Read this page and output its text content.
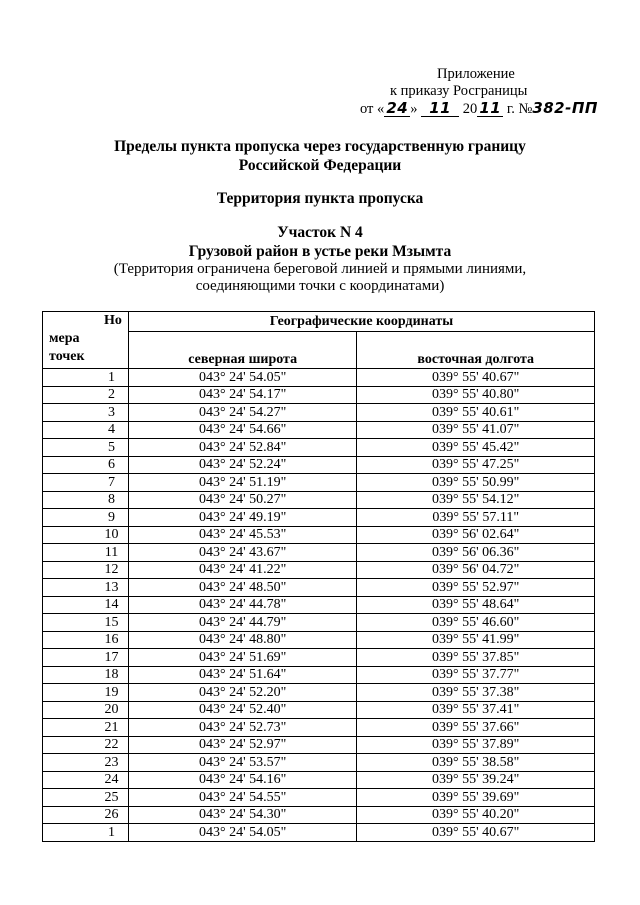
Приложение
к приказу Росграницы
от « 24 » 11 20 11 г. №382-ПП
Пределы пункта пропуска через государственную границу
Российской Федерации
Территория пункта пропуска
Участок N 4
Грузовой район в устье реки Мзымта
(Территория ограничена береговой линией и прямыми линиями,
соединяющими точки с координатами)
Но
мера
точек	Географические координаты	
	северная широта	восточная долгота
1	043° 24' 54.05"	039° 55' 40.67"
2	043° 24' 54.17"	039° 55' 40.80"
3	043° 24' 54.27"	039° 55' 40.61"
4	043° 24' 54.66"	039° 55' 41.07"
5	043° 24' 52.84"	039° 55' 45.42"
6	043° 24' 52.24"	039° 55' 47.25"
7	043° 24' 51.19"	039° 55' 50.99"
8	043° 24' 50.27"	039° 55' 54.12"
9	043° 24' 49.19"	039° 55' 57.11"
10	043° 24' 45.53"	039° 56' 02.64"
11	043° 24' 43.67"	039° 56' 06.36"
12	043° 24' 41.22"	039° 56' 04.72"
13	043° 24' 48.50"	039° 55' 52.97"
14	043° 24' 44.78"	039° 55' 48.64"
15	043° 24' 44.79"	039° 55' 46.60"
16	043° 24' 48.80"	039° 55' 41.99"
17	043° 24' 51.69"	039° 55' 37.85"
18	043° 24' 51.64"	039° 55' 37.77"
19	043° 24' 52.20"	039° 55' 37.38"
20	043° 24' 52.40"	039° 55' 37.41"
21	043° 24' 52.73"	039° 55' 37.66"
22	043° 24' 52.97"	039° 55' 37.89"
23	043° 24' 53.57"	039° 55' 38.58"
24	043° 24' 54.16"	039° 55' 39.24"
25	043° 24' 54.55"	039° 55' 39.69"
26	043° 24' 54.30"	039° 55' 40.20"
1	043° 24' 54.05"	039° 55' 40.67"
